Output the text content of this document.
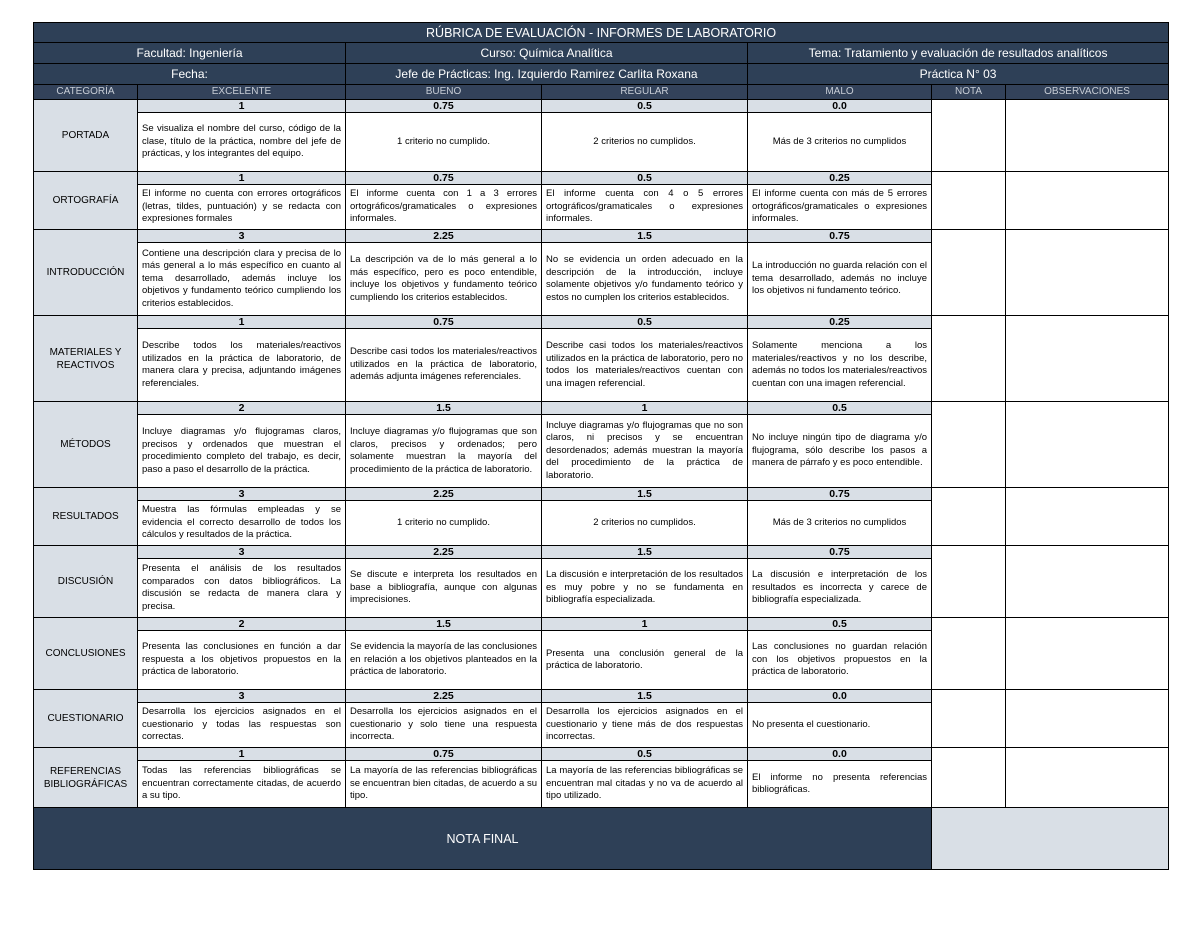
RÚBRICA DE EVALUACIÓN - INFORMES DE LABORATORIO						
Facultad: Ingeniería		Curso: Química Analítica		Tema: Tratamiento y evaluación de resultados analíticos		
Fecha:		Jefe de Prácticas: Ing. Izquierdo Ramirez Carlita Roxana		Práctica N° 03		
CATEGORÍA	EXCELENTE	BUENO	REGULAR	MALO	NOTA	OBSERVACIONES
PORTADA	1	0.75	0.5	0.0		
	Se visualiza el nombre del curso, código de la clase, título de la práctica, nombre del jefe de prácticas, y los integrantes del equipo.	1 criterio no cumplido.	2 criterios no cumplidos.	Más de 3 criterios no cumplidos		
ORTOGRAFÍA	1	0.75	0.5	0.25		
	El informe no cuenta con errores ortográficos (letras, tildes, puntuación) y se redacta con expresiones formales	El informe cuenta con 1 a 3 errores ortográficos/gramaticales o expresiones informales.	El informe cuenta con 4 o 5 errores ortográficos/gramaticales o expresiones informales.	El informe cuenta con más de 5 errores ortográficos/gramaticales o expresiones informales.		
INTRODUCCIÓN	3	2.25	1.5	0.75		
	Contiene una descripción clara y precisa de lo más general a lo más específico en cuanto al tema desarrollado, además incluye los objetivos y fundamento teórico cumpliendo los criterios establecidos.	La descripción va de lo más general a lo más específico, pero es poco entendible, incluye los objetivos y fundamento teórico cumpliendo los criterios establecidos.	No se evidencia un orden adecuado en la descripción de la introducción, incluye solamente objetivos y/o fundamento teórico y estos no cumplen los criterios establecidos.	La introducción no guarda relación con el tema desarrollado, además no incluye los objetivos ni fundamento teórico.		
MATERIALES Y REACTIVOS	1	0.75	0.5	0.25		
	Describe todos los materiales/reactivos utilizados en la práctica de laboratorio, de manera clara y precisa, adjuntando imágenes referenciales.	Describe casi todos los materiales/reactivos utilizados en la práctica de laboratorio, además adjunta imágenes referenciales.	Describe casi todos los materiales/reactivos utilizados en la práctica de laboratorio, pero no todos los materiales/reactivos cuentan con una imagen referencial.	Solamente menciona a los materiales/reactivos y no los describe, además no todos los materiales/reactivos cuentan con una imagen referencial.		
MÉTODOS	2	1.5	1	0.5		
	Incluye diagramas y/o flujogramas claros, precisos y ordenados que muestran el procedimiento completo del trabajo, es decir, paso a paso el desarrollo de la práctica.	Incluye diagramas y/o flujogramas que son claros, precisos y ordenados; pero solamente muestran la mayoría del procedimiento de la práctica de laboratorio.	Incluye diagramas y/o flujogramas que no son claros, ni precisos y se encuentran desordenados; además muestran la mayoría del procedimiento de la práctica de laboratorio.	No incluye ningún tipo de diagrama y/o flujograma, sólo describe los pasos a manera de párrafo y es poco entendible.		
RESULTADOS	3	2.25	1.5	0.75		
	Muestra las fórmulas empleadas y se evidencia el correcto desarrollo de todos los cálculos y resultados de la práctica.	1 criterio no cumplido.	2 criterios no cumplidos.	Más de 3 criterios no cumplidos		
DISCUSIÓN	3	2.25	1.5	0.75		
	Presenta el análisis de los resultados comparados con datos bibliográficos. La discusión se redacta de manera clara y precisa.	Se discute e interpreta los resultados en base a bibliografía, aunque con algunas imprecisiones.	La discusión e interpretación de los resultados es muy pobre y no se fundamenta en bibliografía especializada.	La discusión e interpretación de los resultados es incorrecta y carece de bibliografía especializada.		
CONCLUSIONES	2	1.5	1	0.5		
	Presenta las conclusiones en función a dar respuesta a los objetivos propuestos en la práctica de laboratorio.	Se evidencia la mayoría de las conclusiones en relación a los objetivos planteados en la práctica de laboratorio.	Presenta una conclusión general de la práctica de laboratorio.	Las conclusiones no guardan relación con los objetivos propuestos en la práctica de laboratorio.		
CUESTIONARIO	3	2.25	1.5	0.0		
	Desarrolla los ejercicios asignados en el cuestionario y todas las respuestas son correctas.	Desarrolla los ejercicios asignados en el cuestionario y solo tiene una respuesta incorrecta.	Desarrolla los ejercicios asignados en el cuestionario y tiene más de dos respuestas incorrectas.	No presenta el cuestionario.		
REFERENCIAS BIBLIOGRÁFICAS	1	0.75	0.5	0.0		
	Todas las referencias bibliográficas se encuentran correctamente citadas, de acuerdo a su tipo.	La mayoría de las referencias bibliográficas se encuentran bien citadas, de acuerdo a su tipo.	La mayoría de las referencias bibliográficas se encuentran mal citadas y no va de acuerdo al tipo utilizado.	El informe no presenta referencias bibliográficas.		
NOTA FINAL						
